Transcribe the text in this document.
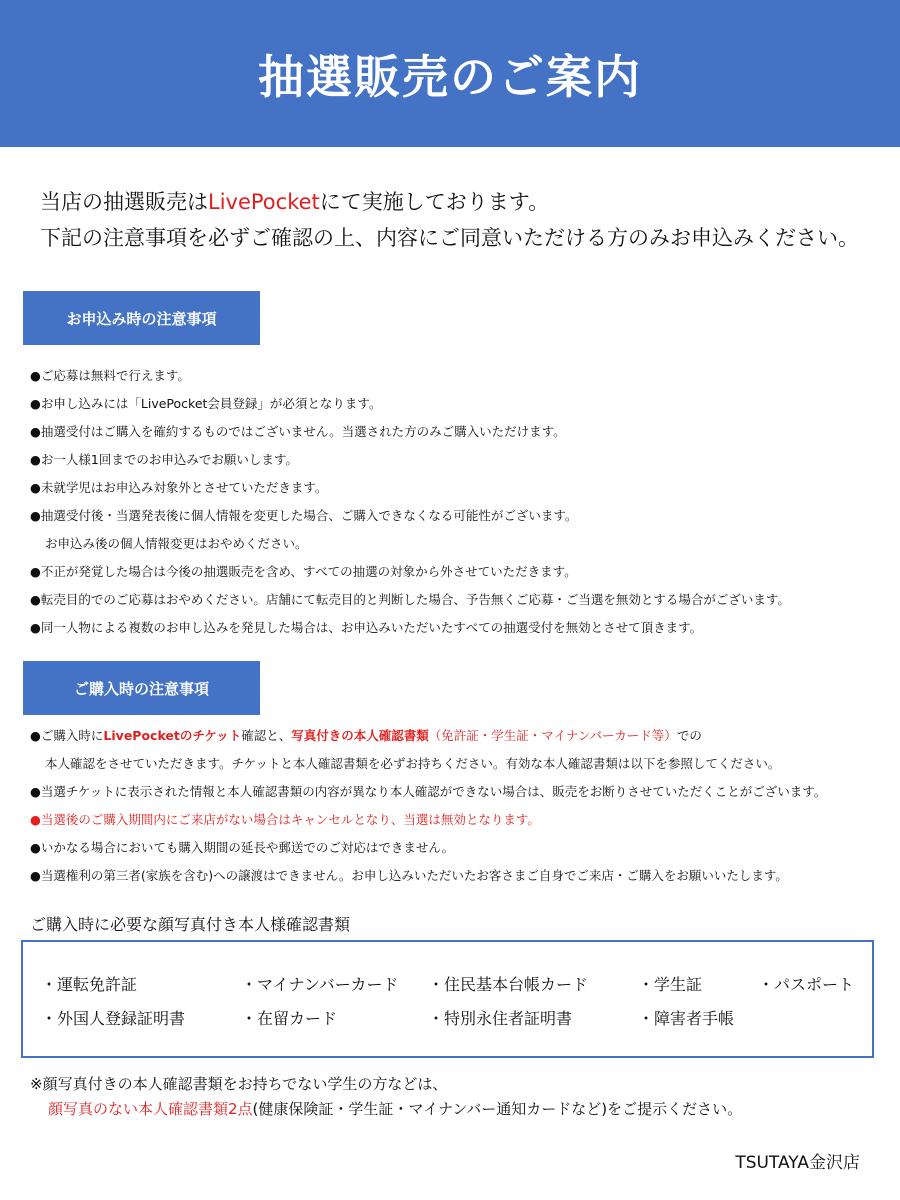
抽選販売のご案内

当店の抽選販売はLivePocketにて実施しております。

下記の注意事項を必ずご確認の上、内容にご同意いただける方のみお申込みください。

お申込み時の注意事項
●ご応募は無料で行えます。
●お申し込みには「LivePocket会員登録」が必須となります。
●抽選受付はご購入を確約するものではございません。当選された方のみご購入いただけます。
●お一人様1回までのお申込みでお願いします。
●未就学児はお申込み対象外とさせていただきます。
●抽選受付後・当選発表後に個人情報を変更した場合、ご購入できなくなる可能性がございます。
お申込み後の個人情報変更はおやめください。
●不正が発覚した場合は今後の抽選販売を含め、すべての抽選の対象から外させていただきます。
●転売目的でのご応募はおやめください。店舗にて転売目的と判断した場合、予告無くご応募・ご当選を無効とする場合がございます。
●同一人物による複数のお申し込みを発見した場合は、お申込みいただいたすべての抽選受付を無効とさせて頂きます。
ご購入時の注意事項
●ご購入時にLivePocketのチケット確認と、写真付きの本人確認書類（免許証・学生証・マイナンバーカード等）での
本人確認をさせていただきます。チケットと本人確認書類を必ずお持ちください。有効な本人確認書類は以下を参照してください。
●当選チケットに表示された情報と本人確認書類の内容が異なり本人確認ができない場合は、販売をお断りさせていただくことがございます。
●当選後のご購入期間内にご来店がない場合はキャンセルとなり、当選は無効となります。
●いかなる場合においても購入期間の延長や郵送でのご対応はできません。
●当選権利の第三者(家族を含む)への譲渡はできません。お申し込みいただいたお客さまご自身でご来店・ご購入をお願いいたします。
ご購入時に必要な顔写真付き本人様確認書類
・運転免許証	・マイナンバーカード ・住民基本台帳カード	・学生証	・パスポート
・外国人登録証明書	・在留カード	・特別永住者証明書	・障害者手帳

※顔写真付きの本人確認書類をお持ちでない学生の方などは、

顔写真のない本人確認書類2点(健康保険証・学生証・マイナンバー通知カードなど)をご提示ください。

TSUTAYA金沢店
